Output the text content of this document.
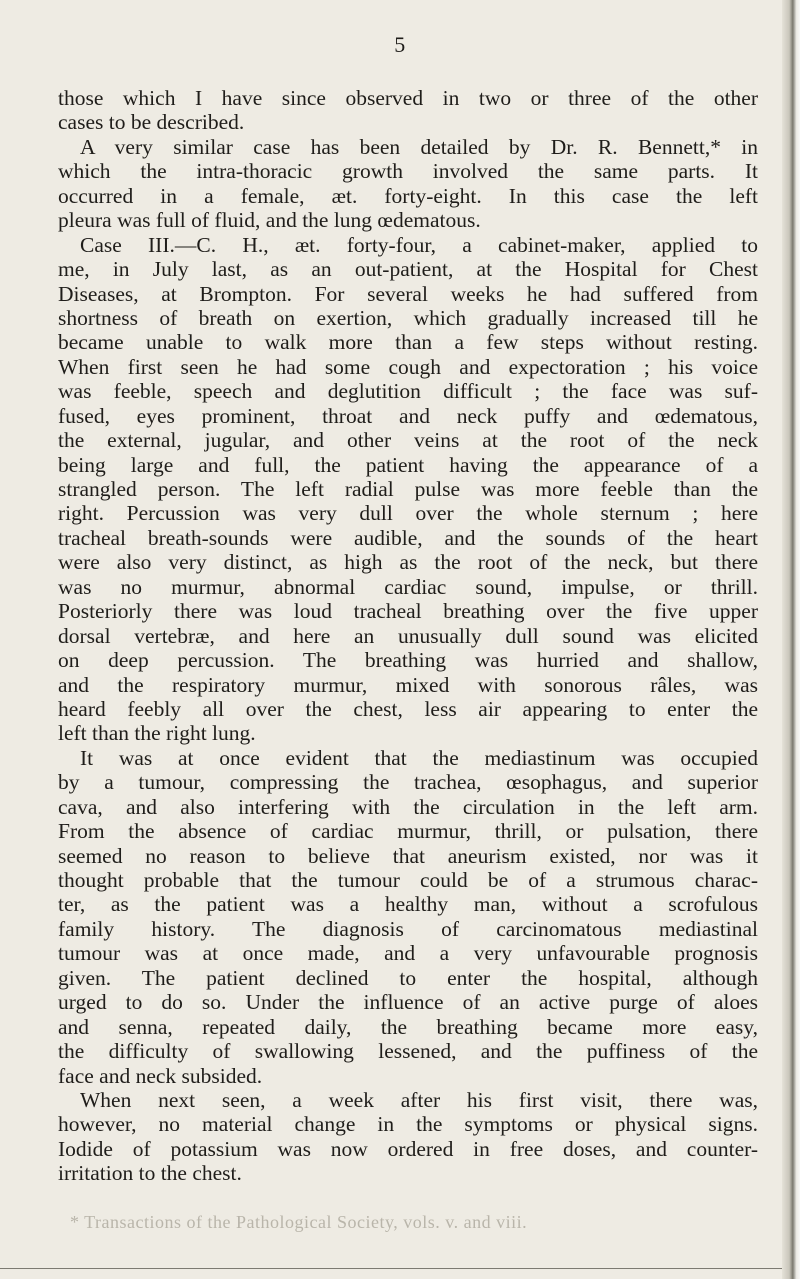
5
those which I have since observed in two or three of the other
cases to be described.
A very similar case has been detailed by Dr. R. Bennett,* in
which the intra-thoracic growth involved the same parts. It
occurred in a female, æt. forty-eight. In this case the left
pleura was full of fluid, and the lung œdematous.
Case III.—C. H., æt. forty-four, a cabinet-maker, applied to
me, in July last, as an out-patient, at the Hospital for Chest
Diseases, at Brompton. For several weeks he had suffered from
shortness of breath on exertion, which gradually increased till he
became unable to walk more than a few steps without resting.
When first seen he had some cough and expectoration ; his voice
was feeble, speech and deglutition difficult ; the face was suf-
fused, eyes prominent, throat and neck puffy and œdematous,
the external, jugular, and other veins at the root of the neck
being large and full, the patient having the appearance of a
strangled person. The left radial pulse was more feeble than the
right. Percussion was very dull over the whole sternum ; here
tracheal breath-sounds were audible, and the sounds of the heart
were also very distinct, as high as the root of the neck, but there
was no murmur, abnormal cardiac sound, impulse, or thrill.
Posteriorly there was loud tracheal breathing over the five upper
dorsal vertebræ, and here an unusually dull sound was elicited
on deep percussion. The breathing was hurried and shallow,
and the respiratory murmur, mixed with sonorous râles, was
heard feebly all over the chest, less air appearing to enter the
left than the right lung.
It was at once evident that the mediastinum was occupied
by a tumour, compressing the trachea, œsophagus, and superior
cava, and also interfering with the circulation in the left arm.
From the absence of cardiac murmur, thrill, or pulsation, there
seemed no reason to believe that aneurism existed, nor was it
thought probable that the tumour could be of a strumous charac-
ter, as the patient was a healthy man, without a scrofulous
family history. The diagnosis of carcinomatous mediastinal
tumour was at once made, and a very unfavourable prognosis
given. The patient declined to enter the hospital, although
urged to do so. Under the influence of an active purge of aloes
and senna, repeated daily, the breathing became more easy,
the difficulty of swallowing lessened, and the puffiness of the
face and neck subsided.
When next seen, a week after his first visit, there was,
however, no material change in the symptoms or physical signs.
Iodide of potassium was now ordered in free doses, and counter-
irritation to the chest.
* Transactions of the Pathological Society, vols. v. and viii.
